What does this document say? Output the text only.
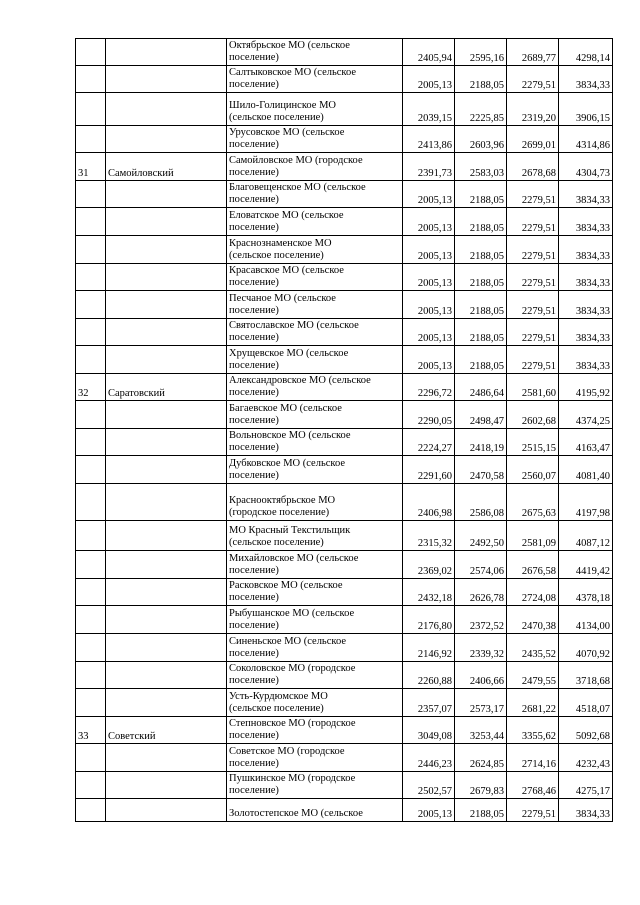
		Октябрьское МО (сельское
поселение)	2405,94	2595,16	2689,77	4298,14

		Салтыковское МО (сельское
поселение)	2005,13	2188,05	2279,51	3834,33

		Шило-Голицинское МО
(сельское поселение)	2039,15	2225,85	2319,20	3906,15

		Урусовское МО (сельское
поселение)	2413,86	2603,96	2699,01	4314,86
31	Самойловский	Самойловское МО (городское
поселение)	2391,73	2583,03	2678,68	4304,73

		Благовещенское МО (сельское
поселение)	2005,13	2188,05	2279,51	3834,33

		Еловатское МО (сельское
поселение)	2005,13	2188,05	2279,51	3834,33

		Краснознаменское МО
(сельское поселение)	2005,13	2188,05	2279,51	3834,33

		Красавское МО (сельское
поселение)	2005,13	2188,05	2279,51	3834,33

		Песчаное МО (сельское
поселение)	2005,13	2188,05	2279,51	3834,33

		Святославское МО (сельское
поселение)	2005,13	2188,05	2279,51	3834,33

		Хрущевское МО (сельское
поселение)	2005,13	2188,05	2279,51	3834,33
32	Саратовский	Александровское МО (сельское
поселение)	2296,72	2486,64	2581,60	4195,92

		Багаевское МО (сельское
поселение)	2290,05	2498,47	2602,68	4374,25

		Вольновское МО (сельское
поселение)	2224,27	2418,19	2515,15	4163,47

		Дубковское МО (сельское
поселение)	2291,60	2470,58	2560,07	4081,40

		Краснооктябрьское МО
(городское поселение)	2406,98	2586,08	2675,63	4197,98

		МО Красный Текстильщик
(сельское поселение)	2315,32	2492,50	2581,09	4087,12

		Михайловское МО (сельское
поселение)	2369,02	2574,06	2676,58	4419,42

		Расковское МО (сельское
поселение)	2432,18	2626,78	2724,08	4378,18

		Рыбушанское МО (сельское
поселение)	2176,80	2372,52	2470,38	4134,00

		Синеньское МО (сельское
поселение)	2146,92	2339,32	2435,52	4070,92

		Соколовское МО (городское
поселение)	2260,88	2406,66	2479,55	3718,68

		Усть-Курдюмское МО
(сельское поселение)	2357,07	2573,17	2681,22	4518,07
33	Советский	Степновское МО (городское
поселение)	3049,08	3253,44	3355,62	5092,68

		Советское МО (городское
поселение)	2446,23	2624,85	2714,16	4232,43

		Пушкинское МО (городское
поселение)	2502,57	2679,83	2768,46	4275,17

		Золотостепское МО (сельское	2005,13	2188,05	2279,51	3834,33
